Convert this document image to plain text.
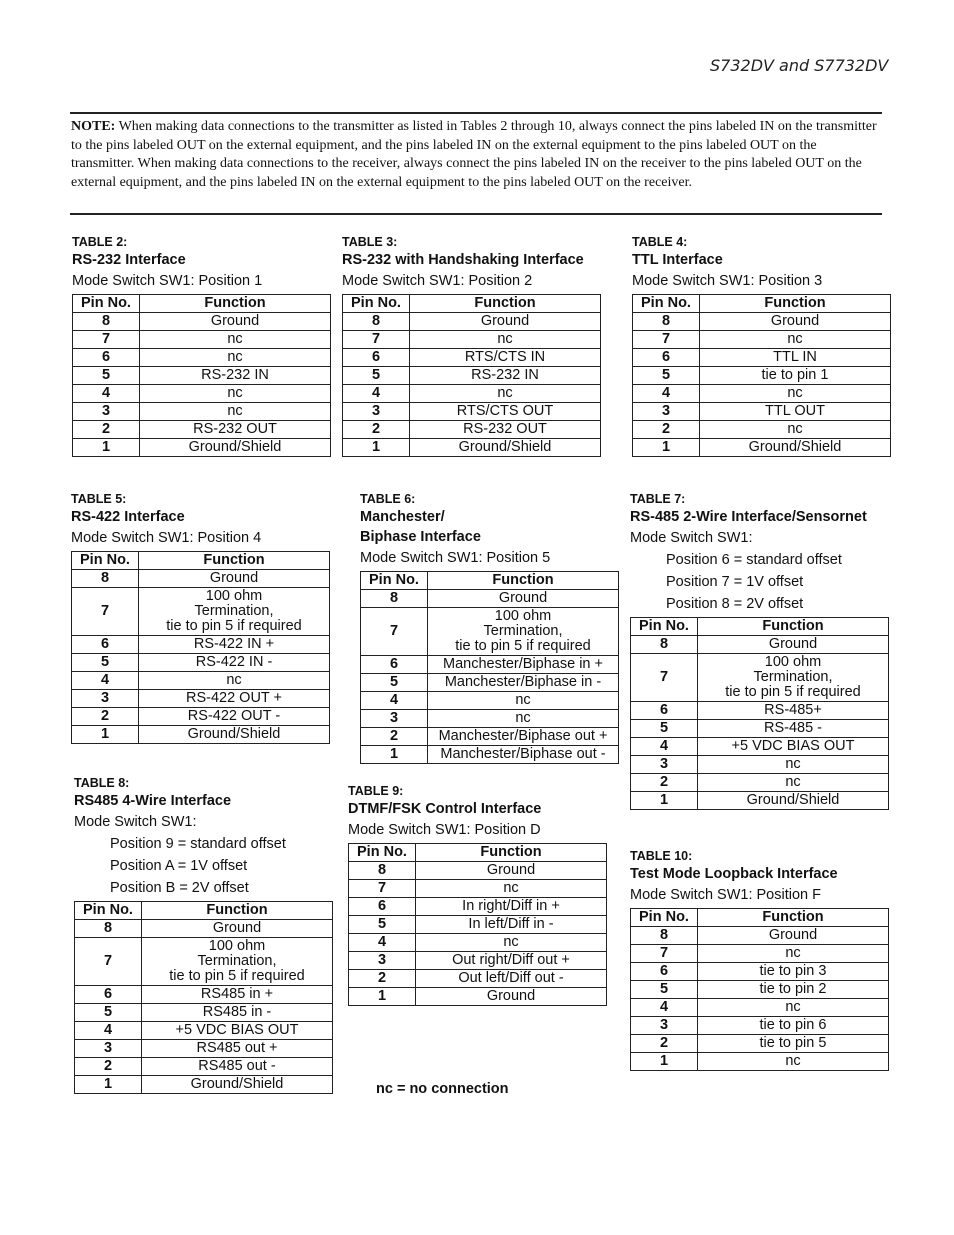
S732DV and S7732DV
NOTE: When making data connections to the transmitter as listed in Tables 2 through 10, always connect the pins labeled IN on the transmitter to the pins labeled OUT on the external equipment, and the pins labeled IN on the external equipment to the pins labeled OUT on the transmitter. When making data connections to the receiver, always connect the pins labeled IN on the receiver to the pins labeled OUT on the external equipment, and the pins labeled IN on the external equipment to the pins labeled OUT on the receiver.
TABLE 2:
RS-232 Interface
Mode Switch SW1: Position 1
Pin No.	Function
8	Ground
7	nc
6	nc
5	RS-232 IN
4	nc
3	nc
2	RS-232 OUT
1	Ground/Shield
TABLE 3:
RS-232 with Handshaking Interface
Mode Switch SW1: Position 2
Pin No.	Function
8	Ground
7	nc
6	RTS/CTS IN
5	RS-232 IN
4	nc
3	RTS/CTS OUT
2	RS-232 OUT
1	Ground/Shield
TABLE 4:
TTL Interface
Mode Switch SW1: Position 3
Pin No.	Function
8	Ground
7	nc
6	TTL IN
5	tie to pin 1
4	nc
3	TTL OUT
2	nc
1	Ground/Shield
TABLE 5:
RS-422 Interface
Mode Switch SW1: Position 4
Pin No.	Function
8	Ground
7	100 ohm
Termination,
tie to pin 5 if required
6	RS-422 IN +
5	RS-422 IN -
4	nc
3	RS-422 OUT +
2	RS-422 OUT -
1	Ground/Shield
TABLE 6:
Manchester/
Biphase Interface
Mode Switch SW1: Position 5
Pin No.	Function
8	Ground
7	100 ohm
Termination,
tie to pin 5 if required
6	Manchester/Biphase in +
5	Manchester/Biphase in -
4	nc
3	nc
2	Manchester/Biphase out +
1	Manchester/Biphase out -
TABLE 7:
RS-485 2-Wire Interface/Sensornet
Mode Switch SW1:
Position 6 = standard offset
Position 7 = 1V offset
Position 8 = 2V offset
Pin No.	Function
8	Ground
7	100 ohm
Termination,
tie to pin 5 if required
6	RS-485+
5	RS-485 -
4	+5 VDC BIAS OUT
3	nc
2	nc
1	Ground/Shield
TABLE 8:
RS485 4-Wire Interface
Mode Switch SW1:
Position 9 = standard offset
Position A = 1V offset
Position B = 2V offset
Pin No.	Function
8	Ground
7	100 ohm
Termination,
tie to pin 5 if required
6	RS485 in +
5	RS485 in -
4	+5 VDC BIAS OUT
3	RS485 out +
2	RS485 out -
1	Ground/Shield
TABLE 9:
DTMF/FSK Control Interface
Mode Switch SW1: Position D
Pin No.	Function
8	Ground
7	nc
6	In right/Diff in +
5	In left/Diff in -
4	nc
3	Out right/Diff out +
2	Out left/Diff out -
1	Ground
TABLE 10:
Test Mode Loopback Interface
Mode Switch SW1: Position F
Pin No.	Function
8	Ground
7	nc
6	tie to pin 3
5	tie to pin 2
4	nc
3	tie to pin 6
2	tie to pin 5
1	nc
nc = no connection
